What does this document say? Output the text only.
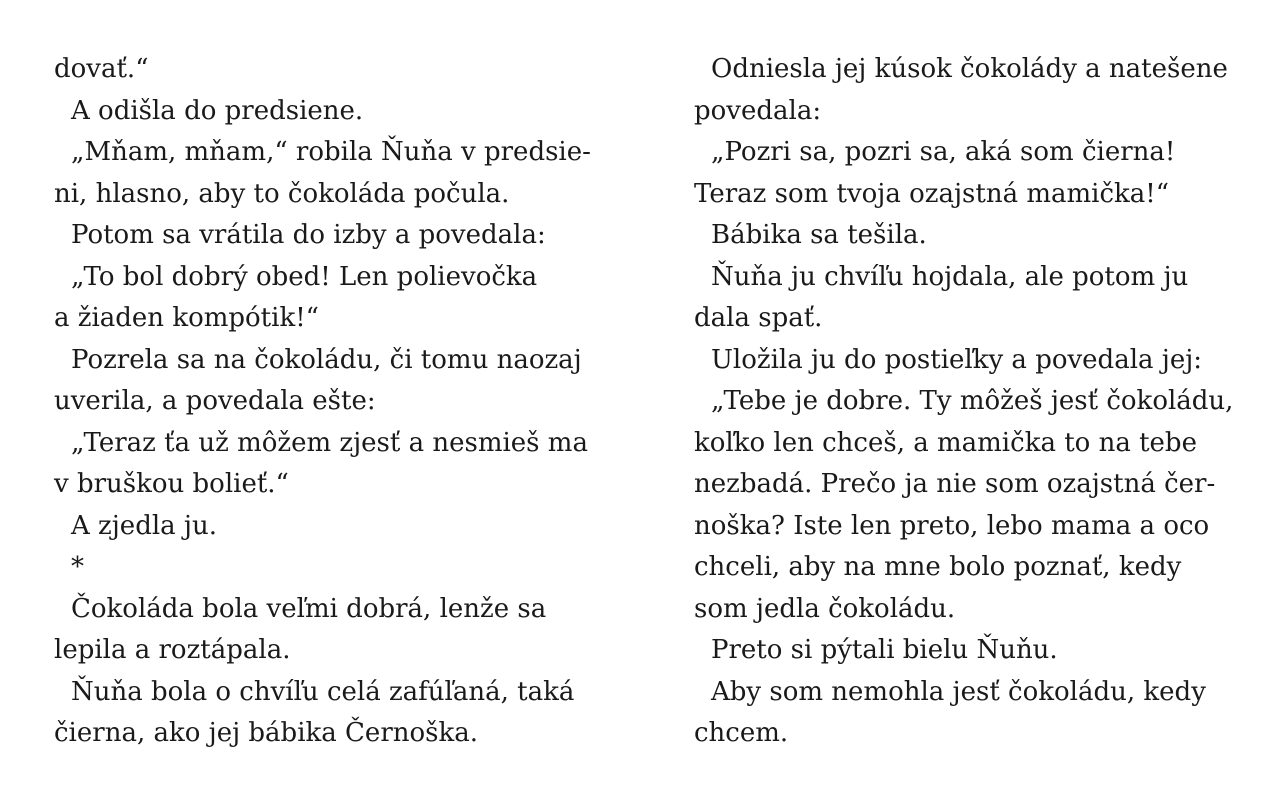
dovať.“
A odišla do predsiene.
„Mňam, mňam,“ robila Ňuňa v predsie-
ni, hlasno, aby to čokoláda počula.
Potom sa vrátila do izby a povedala:
„To bol dobrý obed! Len polievočka
a žiaden kompótik!“
Pozrela sa na čokoládu, či tomu naozaj
uverila, a povedala ešte:
„Teraz ťa už môžem zjesť a nesmieš ma
v bruškou bolieť.“
A zjedla ju.
*
Čokoláda bola veľmi dobrá, lenže sa
lepila a roztápala.
Ňuňa bola o chvíľu celá zafúľaná, taká
čierna, ako jej bábika Černoška.
Odniesla jej kúsok čokolády a natešene
povedala:
„Pozri sa, pozri sa, aká som čierna!
Teraz som tvoja ozajstná mamička!“
Bábika sa tešila.
Ňuňa ju chvíľu hojdala, ale potom ju
dala spať.
Uložila ju do postieľky a povedala jej:
„Tebe je dobre. Ty môžeš jesť čokoládu,
koľko len chceš, a mamička to na tebe
nezbadá. Prečo ja nie som ozajstná čer-
noška? Iste len preto, lebo mama a oco
chceli, aby na mne bolo poznať, kedy
som jedla čokoládu.
Preto si pýtali bielu Ňuňu.
Aby som nemohla jesť čokoládu, kedy
chcem.
